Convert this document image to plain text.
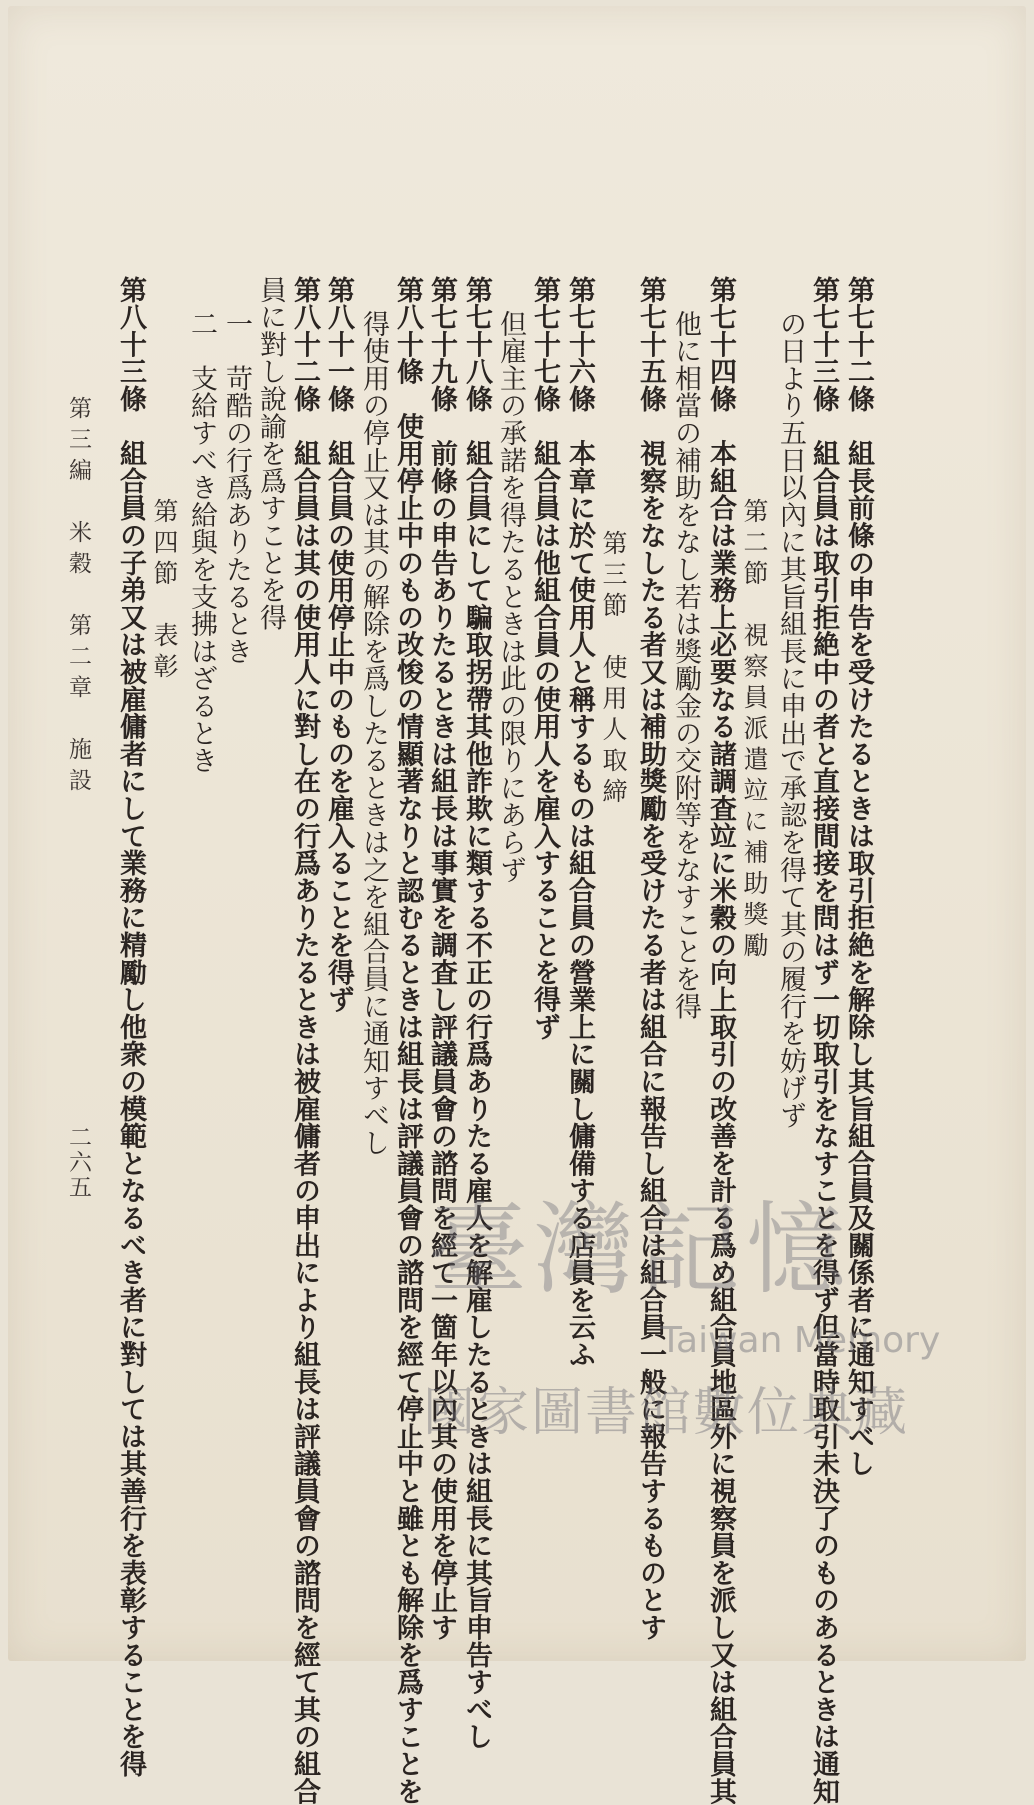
第七十二條　組長前條の申告を受けたるときは取引拒絶を解除し其旨組合員及關係者に通知すべし
第七十三條　組合員は取引拒絶中の者と直接間接を問はず一切取引をなすことを得ず但當時取引未決了のものあるときは通知
の日より五日以內に其旨組長に申出で承認を得て其の履行を妨げず
第二節　視察員派遣竝に補助獎勵
第七十四條　本組合は業務上必要なる諸調査竝に米穀の向上取引の改善を計る爲め組合員地區外に視察員を派し又は組合員其
他に相當の補助をなし若は獎勵金の交附等をなすことを得
第七十五條　視察をなしたる者又は補助獎勵を受けたる者は組合に報告し組合は組合員一般に報告するものとす
第三節　使用人取締
第七十六條　本章に於て使用人と稱するものは組合員の營業上に關し傭備する店員を云ふ
第七十七條　組合員は他組合員の使用人を雇入することを得ず
但雇主の承諾を得たるときは此の限りにあらず
第七十八條　組合員にして騙取拐帶其他詐欺に類する不正の行爲ありたる雇人を解雇したるときは組長に其旨申告すべし
第七十九條　前條の申告ありたるときは組長は事實を調査し評議員會の諮問を經て一箇年以內其の使用を停止す
第八十條　使用停止中のもの改悛の情顯著なりと認むるときは組長は評議員會の諮問を經て停止中と雖とも解除を爲すことを
得使用の停止又は其の解除を爲したるときは之を組合員に通知すべし
第八十一條　組合員の使用停止中のものを雇入ることを得ず
第八十二條　組合員は其の使用人に對し在の行爲ありたるときは被雇傭者の申出により組長は評議員會の諮問を經て其の組合
員に對し說諭を爲すことを得
第四節　表彰 一　苛酷の行爲ありたるとき
二　支給すべき給與を支拂はざるとき
第八十三條　組合員の子弟又は被雇傭者にして業務に精勵し他衆の模範となるべき者に對しては其善行を表彰することを得
第三編　米穀　第二章　施設
二六五
臺灣記憶
Taiwan Memory
國家圖書館數位典藏
